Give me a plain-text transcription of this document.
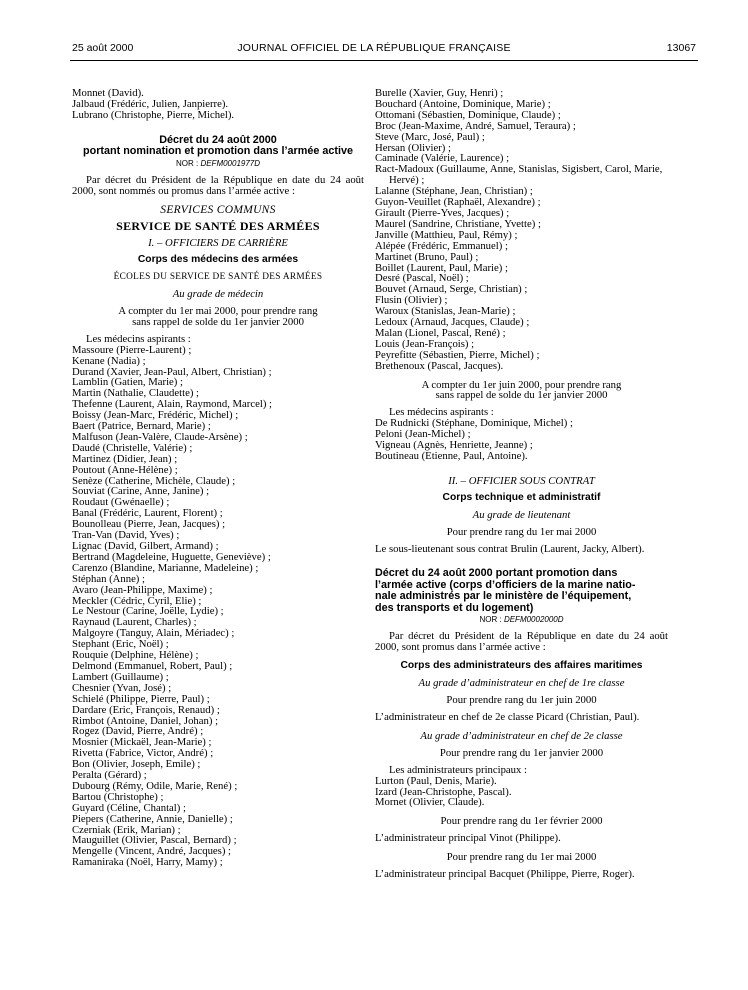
25 août 2000	JOURNAL OFFICIEL DE LA RÉPUBLIQUE FRANÇAISE	13067
Monnet (David).
Jalbaud (Frédéric, Julien, Janpierre).
Lubrano (Christophe, Pierre, Michel).
Décret du 24 août 2000
portant nomination et promotion dans l’armée active
NOR : DEFM0001977D
Par décret du Président de la République en date du 24 août 2000, sont nommés ou promus dans l’armée active :
SERVICES COMMUNS
SERVICE DE SANTÉ DES ARMÉES
I. – OFFICIERS DE CARRIÈRE
Corps des médecins des armées
ÉCOLES DU SERVICE DE SANTÉ DES ARMÉES
Au grade de médecin
A compter du 1er mai 2000, pour prendre rang
sans rappel de solde du 1er janvier 2000
Les médecins aspirants :
Massoure (Pierre-Laurent) ;
Kenane (Nadia) ;
Durand (Xavier, Jean-Paul, Albert, Christian) ;
Lamblin (Gatien, Marie) ;
Martin (Nathalie, Claudette) ;
Thefenne (Laurent, Alain, Raymond, Marcel) ;
Boissy (Jean-Marc, Frédéric, Michel) ;
Baert (Patrice, Bernard, Marie) ;
Malfuson (Jean-Valère, Claude-Arsène) ;
Daudé (Christelle, Valérie) ;
Martinez (Didier, Jean) ;
Poutout (Anne-Hélène) ;
Senèze (Catherine, Michèle, Claude) ;
Souviat (Carine, Anne, Janine) ;
Roudaut (Gwénaelle) ;
Banal (Frédéric, Laurent, Florent) ;
Bounolleau (Pierre, Jean, Jacques) ;
Tran-Van (David, Yves) ;
Lignac (David, Gilbert, Armand) ;
Bertrand (Magdeleine, Huguette, Geneviève) ;
Carenzo (Blandine, Marianne, Madeleine) ;
Stéphan (Anne) ;
Avaro (Jean-Philippe, Maxime) ;
Meckler (Cédric, Cyril, Elie) ;
Le Nestour (Carine, Joëlle, Lydie) ;
Raynaud (Laurent, Charles) ;
Malgoyre (Tanguy, Alain, Mériadec) ;
Stephant (Eric, Noël) ;
Rouquie (Delphine, Hélène) ;
Delmond (Emmanuel, Robert, Paul) ;
Lambert (Guillaume) ;
Chesnier (Yvan, José) ;
Schielé (Philippe, Pierre, Paul) ;
Dardare (Eric, François, Renaud) ;
Rimbot (Antoine, Daniel, Johan) ;
Rogez (David, Pierre, André) ;
Mosnier (Mickaël, Jean-Marie) ;
Rivetta (Fabrice, Victor, André) ;
Bon (Olivier, Joseph, Emile) ;
Peralta (Gérard) ;
Dubourg (Rémy, Odile, Marie, René) ;
Bartou (Christophe) ;
Guyard (Céline, Chantal) ;
Piepers (Catherine, Annie, Danielle) ;
Czerniak (Erik, Marian) ;
Mauguillet (Olivier, Pascal, Bernard) ;
Mengelle (Vincent, André, Jacques) ;
Ramaniraka (Noël, Harry, Mamy) ;
Burelle (Xavier, Guy, Henri) ;
Bouchard (Antoine, Dominique, Marie) ;
Ottomani (Sébastien, Dominique, Claude) ;
Broc (Jean-Maxime, André, Samuel, Teraura) ;
Steve (Marc, José, Paul) ;
Hersan (Olivier) ;
Caminade (Valérie, Laurence) ;
Ract-Madoux (Guillaume, Anne, Stanislas, Sigisbert, Carol, Marie, Hervé) ;
Lalanne (Stéphane, Jean, Christian) ;
Guyon-Veuillet (Raphaël, Alexandre) ;
Girault (Pierre-Yves, Jacques) ;
Maurel (Sandrine, Christiane, Yvette) ;
Janville (Matthieu, Paul, Rémy) ;
Alépée (Frédéric, Emmanuel) ;
Martinet (Bruno, Paul) ;
Boillet (Laurent, Paul, Marie) ;
Desré (Pascal, Noël) ;
Bouvet (Arnaud, Serge, Christian) ;
Flusin (Olivier) ;
Waroux (Stanislas, Jean-Marie) ;
Ledoux (Arnaud, Jacques, Claude) ;
Malan (Lionel, Pascal, René) ;
Louis (Jean-François) ;
Peyrefitte (Sébastien, Pierre, Michel) ;
Brethenoux (Pascal, Jacques).
A compter du 1er juin 2000, pour prendre rang
sans rappel de solde du 1er janvier 2000
Les médecins aspirants :
De Rudnicki (Stéphane, Dominique, Michel) ;
Peloni (Jean-Michel) ;
Vigneau (Agnès, Henriette, Jeanne) ;
Boutineau (Etienne, Paul, Antoine).
II. – OFFICIER SOUS CONTRAT
Corps technique et administratif
Au grade de lieutenant
Pour prendre rang du 1er mai 2000
Le sous-lieutenant sous contrat Brulin (Laurent, Jacky, Albert).
Décret du 24 août 2000 portant promotion dans
l’armée active (corps d’officiers de la marine natio-
nale administrés par le ministère de l’équipement,
des transports et du logement)
NOR : DEFM0002000D
Par décret du Président de la République en date du 24 août 2000, sont promus dans l’armée active :
Corps des administrateurs des affaires maritimes
Au grade d’administrateur en chef de 1re classe
Pour prendre rang du 1er juin 2000
L’administrateur en chef de 2e classe Picard (Christian, Paul).
Au grade d’administrateur en chef de 2e classe
Pour prendre rang du 1er janvier 2000
Les administrateurs principaux :
Lurton (Paul, Denis, Marie).
Izard (Jean-Christophe, Pascal).
Mornet (Olivier, Claude).
Pour prendre rang du 1er février 2000
L’administrateur principal Vinot (Philippe).
Pour prendre rang du 1er mai 2000
L’administrateur principal Bacquet (Philippe, Pierre, Roger).
